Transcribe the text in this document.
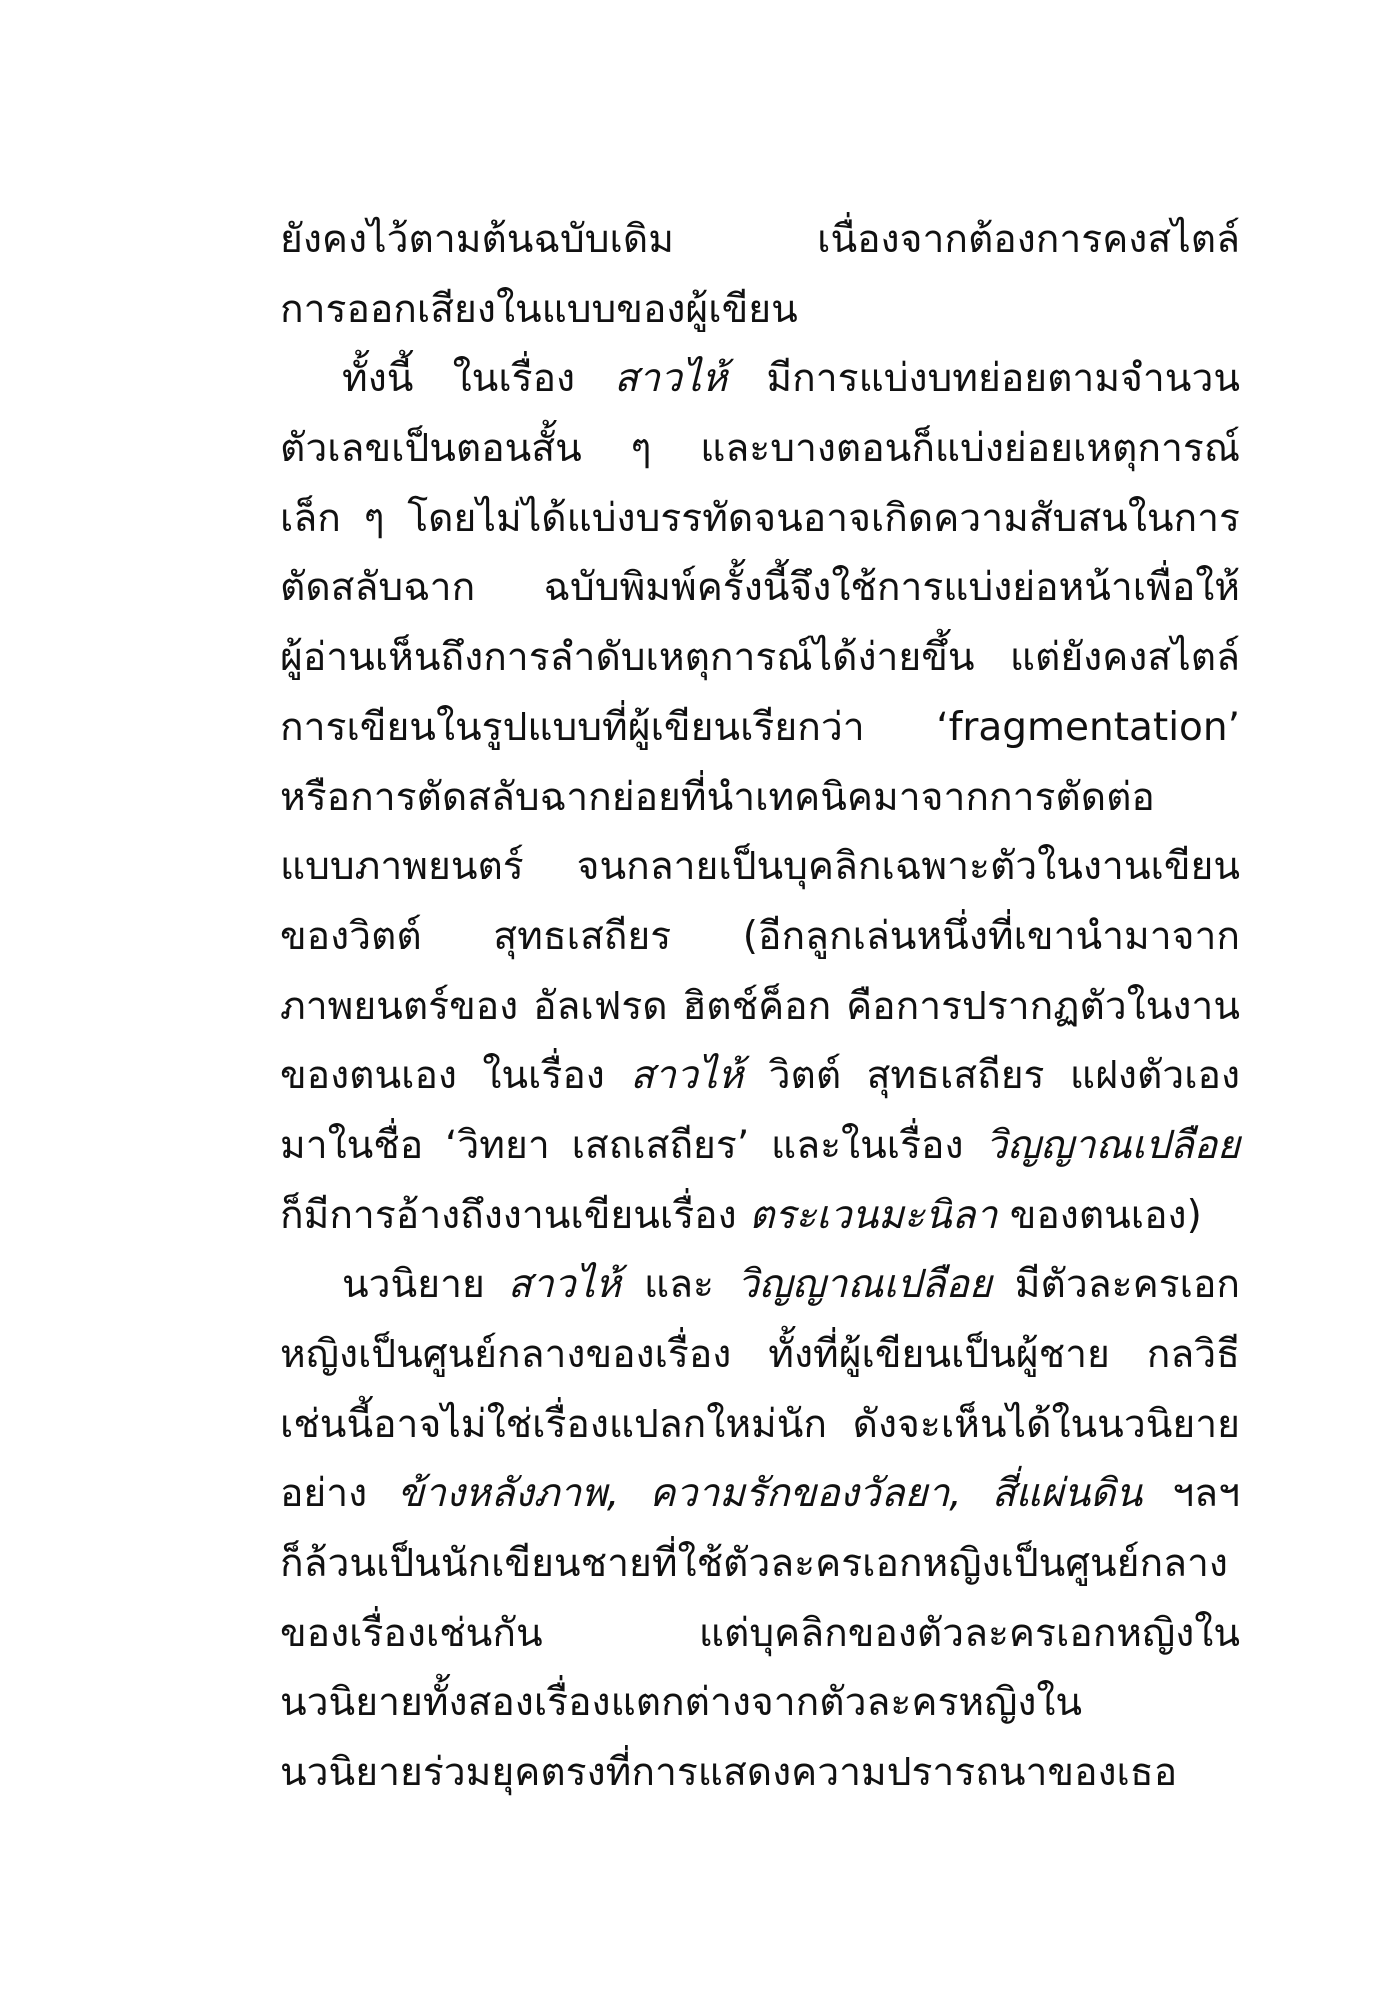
ยังคงไว้ตามต้นฉบับเดิม เนื่องจากต้องการคงสไตล์
การออกเสียงในแบบของผู้เขียน
ทั้งนี้ ในเรื่อง สาวไห้ มีการแบ่งบทย่อยตามจำนวน
ตัวเลขเป็นตอนสั้น ๆ และบางตอนก็แบ่งย่อยเหตุการณ์
เล็ก ๆ โดยไม่ได้แบ่งบรรทัดจนอาจเกิดความสับสนในการ
ตัดสลับฉาก ฉบับพิมพ์ครั้งนี้จึงใช้การแบ่งย่อหน้าเพื่อให้
ผู้อ่านเห็นถึงการลำดับเหตุการณ์ได้ง่ายขึ้น แต่ยังคงสไตล์
การเขียนในรูปแบบที่ผู้เขียนเรียกว่า ‘fragmentation’
หรือการตัดสลับฉากย่อยที่นำเทคนิคมาจากการตัดต่อ
แบบภาพยนตร์ จนกลายเป็นบุคลิกเฉพาะตัวในงานเขียน
ของวิตต์ สุทธเสถียร (อีกลูกเล่นหนึ่งที่เขานำมาจาก
ภาพยนตร์ของ อัลเฟรด ฮิตช์ค็อก คือการปรากฏตัวในงาน
ของตนเอง ในเรื่อง สาวไห้ วิตต์ สุทธเสถียร แฝงตัวเอง
มาในชื่อ ‘วิทยา เสถเสถียร’ และในเรื่อง วิญญาณเปลือย
ก็มีการอ้างถึงงานเขียนเรื่อง ตระเวนมะนิลา ของตนเอง)
นวนิยาย สาวไห้ และ วิญญาณเปลือย มีตัวละครเอก
หญิงเป็นศูนย์กลางของเรื่อง ทั้งที่ผู้เขียนเป็นผู้ชาย กลวิธี
เช่นนี้อาจไม่ใช่เรื่องแปลกใหม่นัก ดังจะเห็นได้ในนวนิยาย
อย่าง ข้างหลังภาพ, ความรักของวัลยา, สี่แผ่นดิน ฯลฯ
ก็ล้วนเป็นนักเขียนชายที่ใช้ตัวละครเอกหญิงเป็นศูนย์กลาง
ของเรื่องเช่นกัน แต่บุคลิกของตัวละครเอกหญิงใน
นวนิยายทั้งสองเรื่องแตกต่างจากตัวละครหญิงใน
นวนิยายร่วมยุคตรงที่การแสดงความปรารถนาของเธอ
